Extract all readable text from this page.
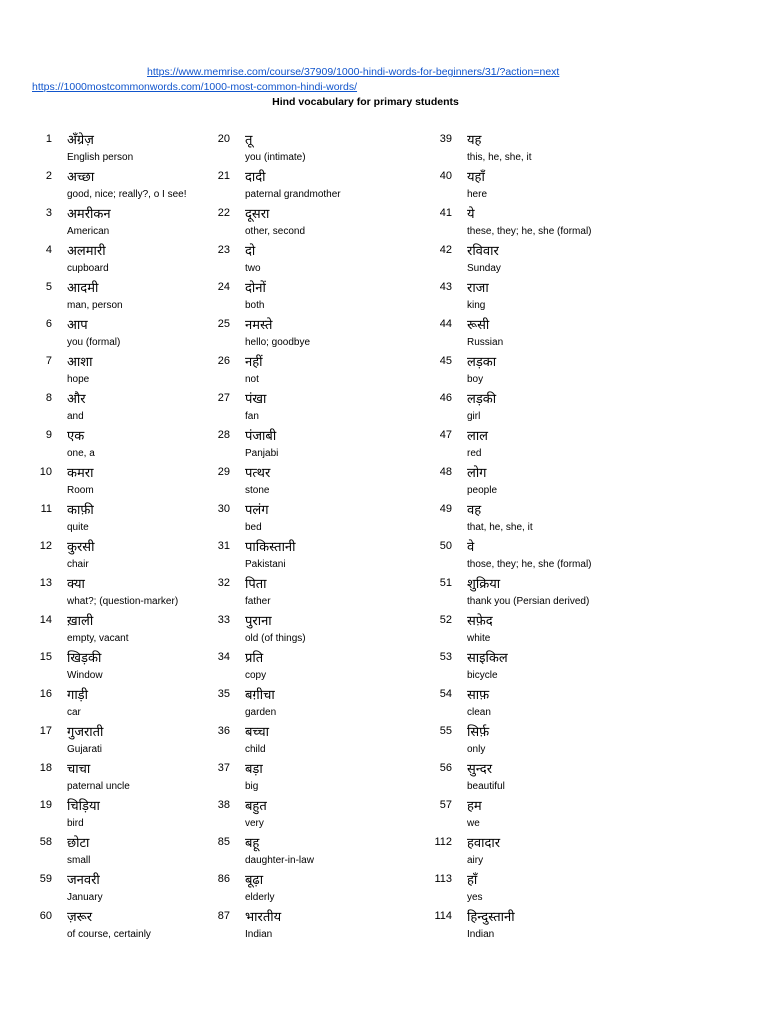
https://www.memrise.com/course/37909/1000-hindi-words-for-beginners/31/?action=next
https://1000mostcommonwords.com/1000-most-common-hindi-words/
Hind vocabulary for primary students
1 अँग्रेज़
English person
2 अच्छा
good, nice; really?, o I see!
3 अमरीकन
American
4 अलमारी
cupboard
5 आदमी
man, person
6 आप
you (formal)
7 आशा
hope
8 और
and
9 एक
one, a
10 कमरा
Room
11 काफ़ी
quite
12 कुरसी
chair
13 क्या
what?; (question-marker)
14 ख़ाली
empty, vacant
15 खिड़की
Window
16 गाड़ी
car
17 गुजराती
Gujarati
18 चाचा
paternal uncle
19 चिड़िया
bird
58 छोटा
small
59 जनवरी
January
60 ज़रूर
of course, certainly
20 तू
you (intimate)
21 दादी
paternal grandmother
22 दूसरा
other, second
23 दो
two
24 दोनों
both
25 नमस्ते
hello; goodbye
26 नहीं
not
27 पंखा
fan
28 पंजाबी
Panjabi
29 पत्थर
stone
30 पलंग
bed
31 पाकिस्तानी
Pakistani
32 पिता
father
33 पुराना
old (of things)
34 प्रति
copy
35 बग़ीचा
garden
36 बच्चा
child
37 बड़ा
big
38 बहुत
very
85 बहू
daughter-in-law
86 बूढ़ा
elderly
87 भारतीय
Indian
39 यह
this, he, she, it
40 यहाँ
here
41 ये
these, they; he, she (formal)
42 रविवार
Sunday
43 राजा
king
44 रूसी
Russian
45 लड़का
boy
46 लड़की
girl
47 लाल
red
48 लोग
people
49 वह
that, he, she, it
50 वे
those, they; he, she (formal)
51 शुक्रिया
thank you (Persian derived)
52 सफ़ेद
white
53 साइकिल
bicycle
54 साफ़
clean
55 सिर्फ़
only
56 सुन्दर
beautiful
57 हम
we
112 हवादार
airy
113 हाँ
yes
114 हिन्दुस्तानी
Indian
